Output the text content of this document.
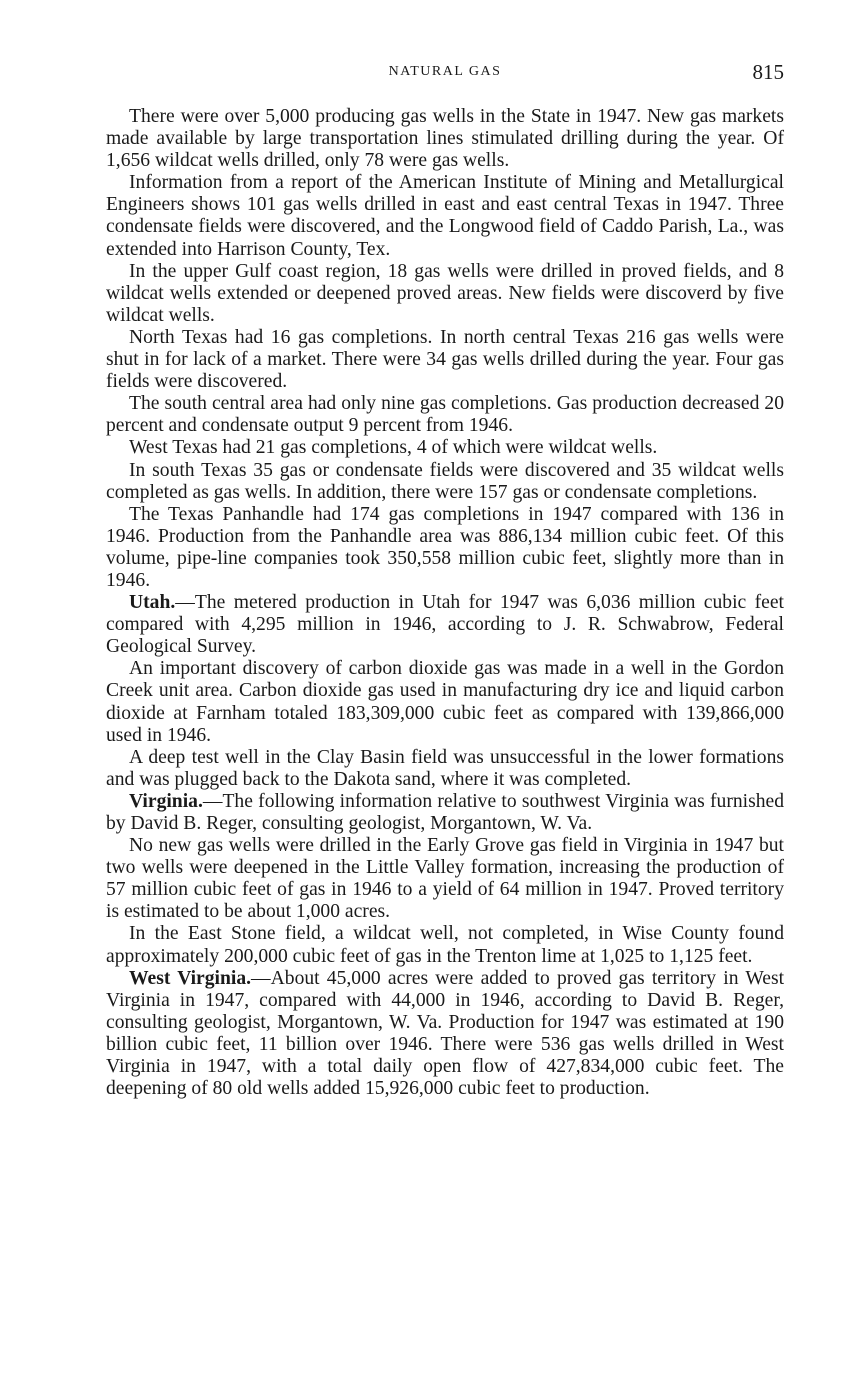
NATURAL GAS	815

There were over 5,000 producing gas wells in the State in 1947. New gas markets made available by large transportation lines stimulated drilling during the year. Of 1,656 wildcat wells drilled, only 78 were gas wells.

Information from a report of the American Institute of Mining and Metallurgical Engineers shows 101 gas wells drilled in east and east central Texas in 1947. Three condensate fields were discovered, and the Longwood field of Caddo Parish, La., was extended into Harrison County, Tex.

In the upper Gulf coast region, 18 gas wells were drilled in proved fields, and 8 wildcat wells extended or deepened proved areas. New fields were discoverd by five wildcat wells.

North Texas had 16 gas completions. In north central Texas 216 gas wells were shut in for lack of a market. There were 34 gas wells drilled during the year. Four gas fields were discovered.

The south central area had only nine gas completions. Gas production decreased 20 percent and condensate output 9 percent from 1946.

West Texas had 21 gas completions, 4 of which were wildcat wells.

In south Texas 35 gas or condensate fields were discovered and 35 wildcat wells completed as gas wells. In addition, there were 157 gas or condensate completions.

The Texas Panhandle had 174 gas completions in 1947 compared with 136 in 1946. Production from the Panhandle area was 886,134 million cubic feet. Of this volume, pipe-line companies took 350,558 million cubic feet, slightly more than in 1946.

Utah.—The metered production in Utah for 1947 was 6,036 million cubic feet compared with 4,295 million in 1946, according to J. R. Schwabrow, Federal Geological Survey.

An important discovery of carbon dioxide gas was made in a well in the Gordon Creek unit area. Carbon dioxide gas used in manufacturing dry ice and liquid carbon dioxide at Farnham totaled 183,309,000 cubic feet as compared with 139,866,000 used in 1946.

A deep test well in the Clay Basin field was unsuccessful in the lower formations and was plugged back to the Dakota sand, where it was completed.

Virginia.—The following information relative to southwest Virginia was furnished by David B. Reger, consulting geologist, Morgantown, W. Va.

No new gas wells were drilled in the Early Grove gas field in Virginia in 1947 but two wells were deepened in the Little Valley formation, increasing the production of 57 million cubic feet of gas in 1946 to a yield of 64 million in 1947. Proved territory is estimated to be about 1,000 acres.

In the East Stone field, a wildcat well, not completed, in Wise County found approximately 200,000 cubic feet of gas in the Trenton lime at 1,025 to 1,125 feet.

West Virginia.—About 45,000 acres were added to proved gas territory in West Virginia in 1947, compared with 44,000 in 1946, according to David B. Reger, consulting geologist, Morgantown, W. Va. Production for 1947 was estimated at 190 billion cubic feet, 11 billion over 1946. There were 536 gas wells drilled in West Virginia in 1947, with a total daily open flow of 427,834,000 cubic feet. The deepening of 80 old wells added 15,926,000 cubic feet to production.
